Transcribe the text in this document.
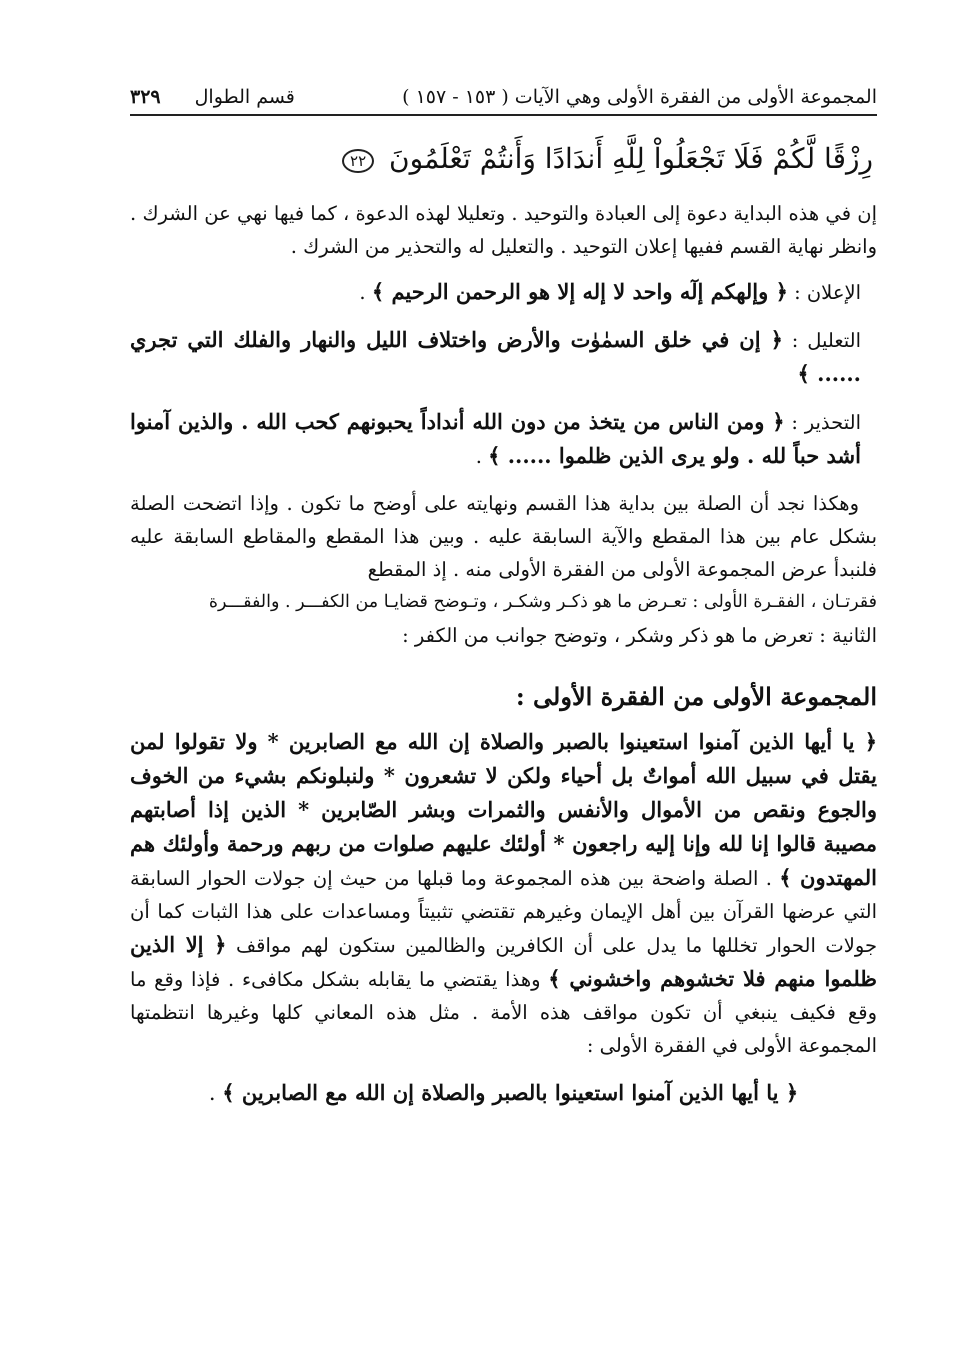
المجموعة الأولى من الفقرة الأولى وهي الآيات ( ١٥٣ - ١٥٧ )
قسم الطوال
٣٢٩
رِزْقًا لَّكُمْ فَلَا تَجْعَلُواْ لِلَّهِ أَندَادًا وَأَنتُمْ تَعْلَمُونَ ٢٢

إن في هذه البداية دعوة إلى العبادة والتوحيد . وتعليلا لهذه الدعوة ، كما فيها نهي عن الشرك . وانظر نهاية القسم ففيها إعلان التوحيد . والتعليل له والتحذير من الشرك .

الإعلان : ﴿ وإلهكم إلٓه واحد لا إله إلا هو الرحمن الرحيم ﴾ .

التعليل : ﴿ إن في خلق السمٰوٰت والأرض واختلاف الليل والنهار والفلك التي تجري ...... ﴾

التحذير : ﴿ ومن الناس من يتخذ من دون الله أنداداً يحبونهم كحب الله . والذين آمنوا أشد حباً لله . ولو يرى الذين ظلموا ...... ﴾ .

وهكذا نجد أن الصلة بين بداية هذا القسم ونهايته على أوضح ما تكون . وإذا اتضحت الصلة بشكل عام بين هذا المقطع والآية السابقة عليه . وبين هذا المقطع والمقاطع السابقة عليه فلنبدأ عرض المجموعة الأولى من الفقرة الأولى منه . إذ المقطع
فقرتـان ، الفقـرة الأولى : تعـرض ما هو ذكـر وشكـر ، وتـوضح قضايـا من الكفـــر . والفقـــرة
الثانية : تعرض ما هو ذكر وشكر ، وتوضح جوانب من الكفر :
المجموعة الأولى من الفقرة الأولى :

﴿ يا أيها الذين آمنوا استعينوا بالصبر والصلاة إن الله مع الصابرين * ولا تقولوا لمن يقتل في سبيل الله أمواتٌ بل أحياء ولكن لا تشعرون * ولنبلونكم بشيء من الخوف والجوع ونقص من الأموال والأنفس والثمرات وبشر الصّابرين * الذين إذا أصابتهم مصيبة قالوا إنا لله وإنا إليه راجعون * أولئك عليهم صلوات من ربهم ورحمة وأولئك هم المهتدون ﴾ . الصلة واضحة بين هذه المجموعة وما قبلها من حيث إن جولات الحوار السابقة التي عرضها القرآن بين أهل الإيمان وغيرهم تقتضي تثبيتاً ومساعدات على هذا الثبات كما أن جولات الحوار تخللها ما يدل على أن الكافرين والظالمين ستكون لهم مواقف ﴿ إلا الذين ظلموا منهم فلا تخشوهم واخشوني ﴾ وهذا يقتضي ما يقابله بشكل مكافىء . فإذا وقع ما وقع فكيف ينبغي أن تكون مواقف هذه الأمة . مثل هذه المعاني كلها وغيرها انتظمتها المجموعة الأولى في الفقرة الأولى :

﴿ يا أيها الذين آمنوا استعينوا بالصبر والصلاة إن الله مع الصابرين ﴾ .
